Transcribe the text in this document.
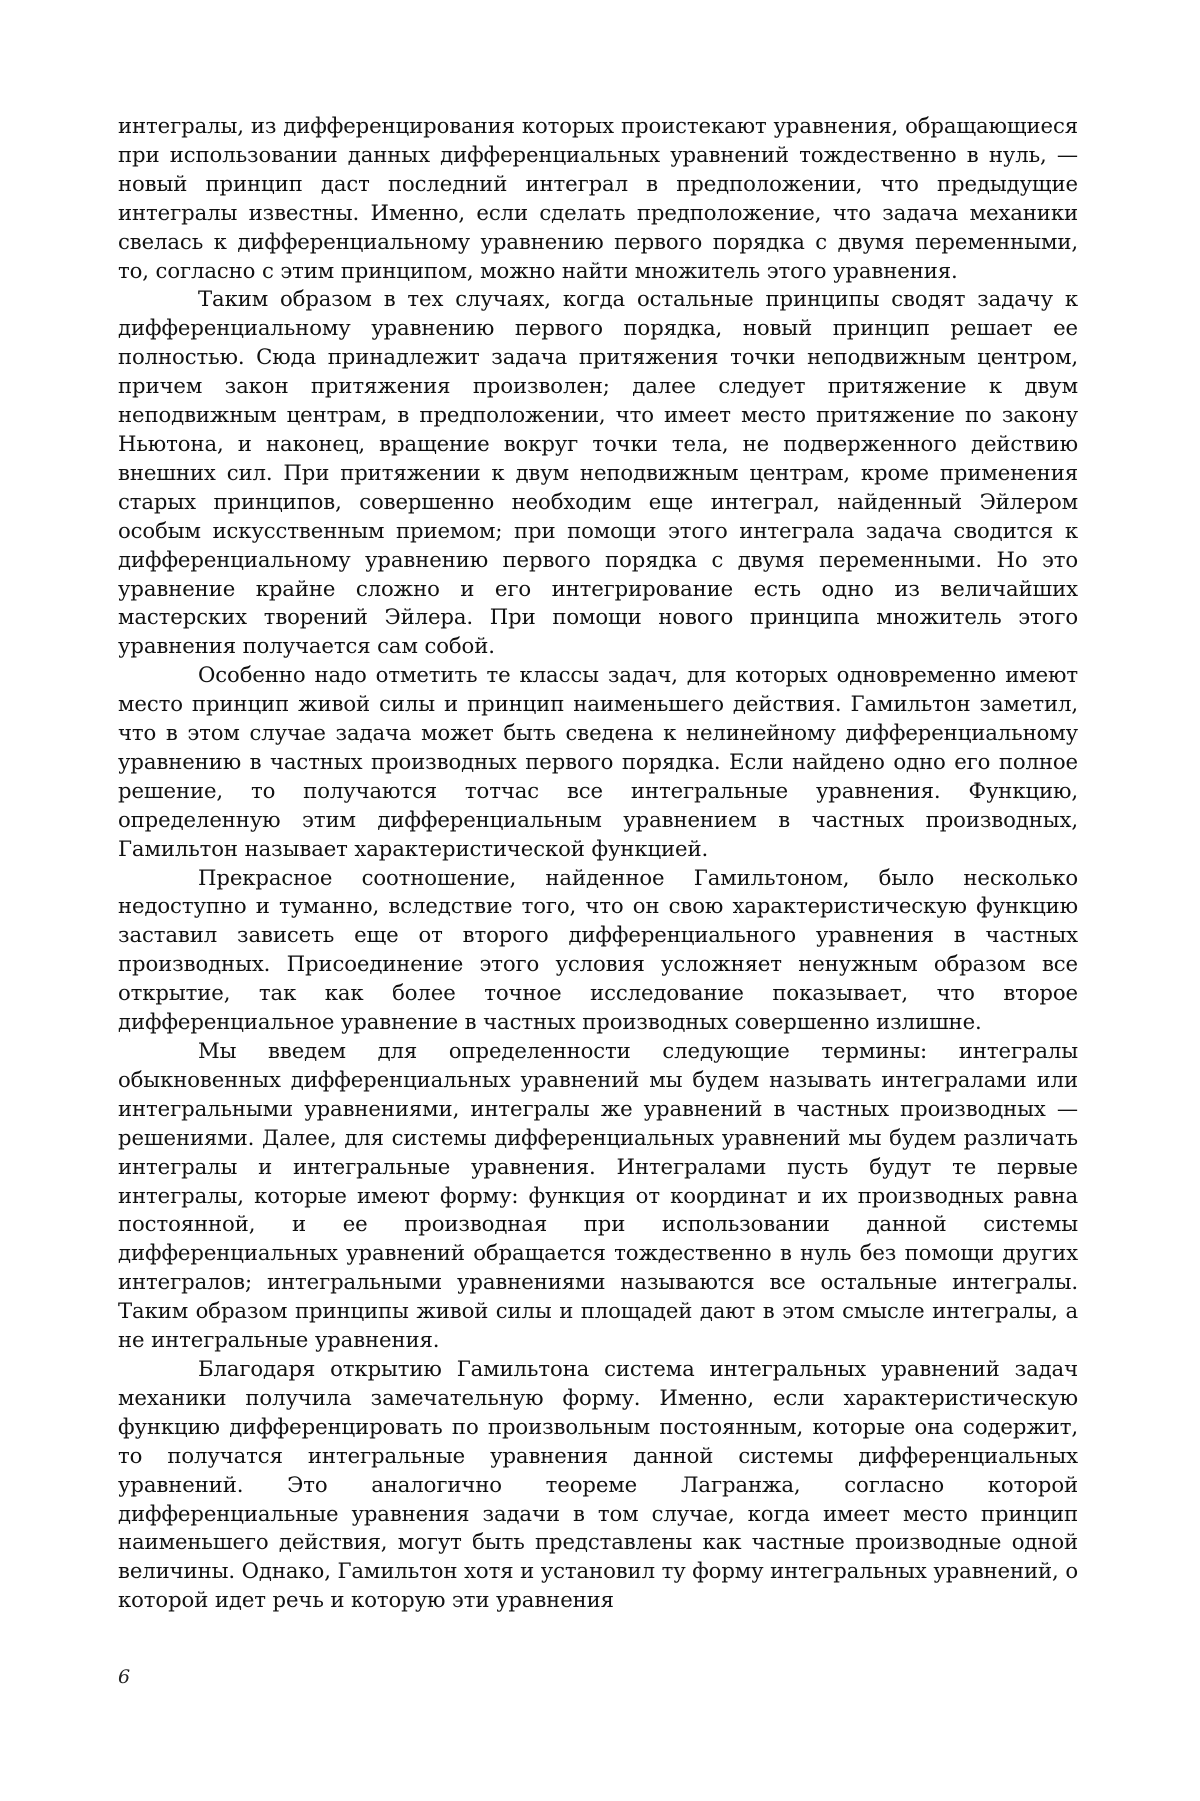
интегралы, из дифференцирования которых проистекают уравнения, обращающиеся при использовании данных дифференциальных уравнений тождественно в нуль, — новый принцип даст последний интеграл в предположении, что предыдущие интегралы известны. Именно, если сделать предположение, что задача механики свелась к дифференциальному уравнению первого порядка с двумя переменными, то, согласно с этим принципом, можно найти множитель этого уравнения.

Таким образом в тех случаях, когда остальные принципы сводят задачу к дифференциальному уравнению первого порядка, новый принцип решает ее полностью. Сюда принадлежит задача притяжения точки неподвижным центром, причем закон притяжения произволен; далее следует притяжение к двум неподвижным центрам, в предположении, что имеет место притяжение по закону Ньютона, и наконец, вращение вокруг точки тела, не подверженного действию внешних сил. При притяжении к двум неподвижным центрам, кроме применения старых принципов, совершенно необходим еще интеграл, найденный Эйлером особым искусственным приемом; при помощи этого интеграла задача сводится к дифференциальному уравнению первого порядка с двумя переменными. Но это уравнение крайне сложно и его интегрирование есть одно из величайших мастерских творений Эйлера. При помощи нового принципа множитель этого уравнения получается сам собой.

Особенно надо отметить те классы задач, для которых одновременно имеют место принцип живой силы и принцип наименьшего действия. Гамильтон заметил, что в этом случае задача может быть сведена к нелинейному дифференциальному уравнению в частных производных первого порядка. Если найдено одно его полное решение, то получаются тотчас все интегральные уравнения. Функцию, определенную этим дифференциальным уравнением в частных производных, Гамильтон называет характеристической функцией.

Прекрасное соотношение, найденное Гамильтоном, было несколько недоступно и туманно, вследствие того, что он свою характеристическую функцию заставил зависеть еще от второго дифференциального уравнения в частных производных. Присоединение этого условия усложняет ненужным образом все открытие, так как более точное исследование показывает, что второе дифференциальное уравнение в частных производных совершенно излишне.

Мы введем для определенности следующие термины: интегралы обыкновенных дифференциальных уравнений мы будем называть интегралами или интегральными уравнениями, интегралы же уравнений в частных производных — решениями. Далее, для системы дифференциальных уравнений мы будем различать интегралы и интегральные уравнения. Интегралами пусть будут те первые интегралы, которые имеют форму: функция от координат и их производных равна постоянной, и ее производная при использовании данной системы дифференциальных уравнений обращается тождественно в нуль без помощи других интегралов; интегральными уравнениями называются все остальные интегралы. Таким образом принципы живой силы и площадей дают в этом смысле интегралы, а не интегральные уравнения.

Благодаря открытию Гамильтона система интегральных уравнений задач механики получила замечательную форму. Именно, если характеристическую функцию дифференцировать по произвольным постоянным, которые она содержит, то получатся интегральные уравнения данной системы дифференциальных уравнений. Это аналогично теореме Лагранжа, согласно которой дифференциальные уравнения задачи в том случае, когда имеет место принцип наименьшего действия, могут быть представлены как частные производные одной величины. Однако, Гамильтон хотя и установил ту форму интегральных уравнений, о которой идет речь и которую эти уравнения

6
